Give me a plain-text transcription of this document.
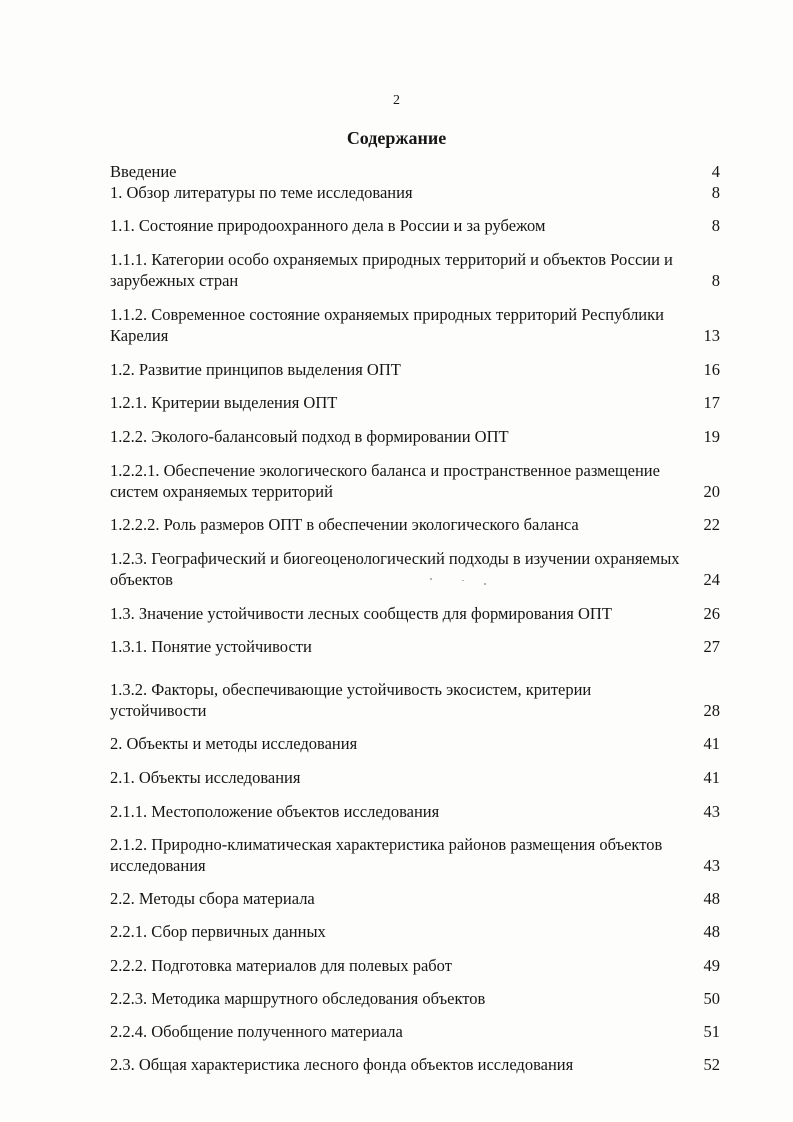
2
Содержание
Введение	4
1. Обзор литературы по теме исследования	8
1.1. Состояние природоохранного дела в России и за рубежом	8
1.1.1. Категории особо охраняемых природных территорий и объектов России и зарубежных стран	8
1.1.2. Современное состояние охраняемых природных территорий Республики Карелия	13
1.2. Развитие принципов выделения ОПТ	16
1.2.1. Критерии выделения ОПТ	17
1.2.2. Эколого-балансовый подход в формировании ОПТ	19
1.2.2.1. Обеспечение экологического баланса и пространственное размещение систем охраняемых территорий	20
1.2.2.2. Роль размеров ОПТ в обеспечении экологического баланса	22
1.2.3. Географический и биогеоценологический подходы в изучении охраняемых объектов	24
1.3. Значение устойчивости лесных сообществ для формирования ОПТ	26
1.3.1. Понятие устойчивости	27
1.3.2. Факторы, обеспечивающие устойчивость экосистем, критерии устойчивости	28
2. Объекты и методы исследования	41
2.1. Объекты исследования	41
2.1.1. Местоположение объектов исследования	43
2.1.2. Природно-климатическая характеристика районов размещения объектов исследования	43
2.2. Методы сбора материала	48
2.2.1. Сбор первичных данных	48
2.2.2. Подготовка материалов для полевых работ	49
2.2.3. Методика маршрутного обследования объектов	50
2.2.4. Обобщение полученного материала	51
2.3. Общая характеристика лесного фонда объектов исследования	52
